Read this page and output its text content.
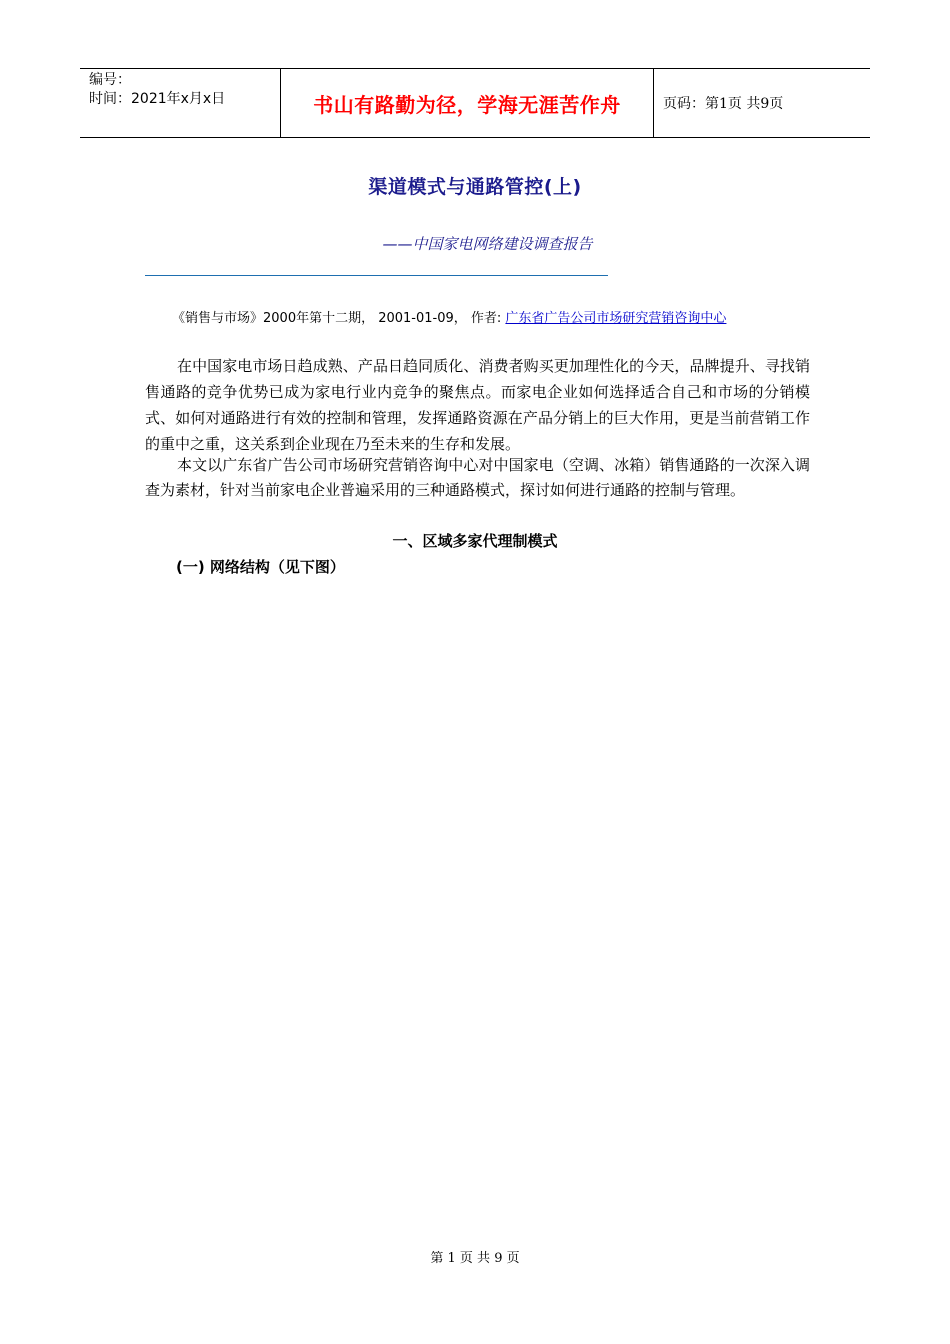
编号：
时间：2021年x月x日	书山有路勤为径，学海无涯苦作舟	页码：第1页 共9页
渠道模式与通路管控(上)
——中国家电网络建设调查报告
《销售与市场》2000年第十二期， 2001-01-09， 作者: 广东省广告公司市场研究营销咨询中心

在中国家电市场日趋成熟、产品日趋同质化、消费者购买更加理性化的今天，品牌提升、寻找销售通路的竞争优势已成为家电行业内竞争的聚焦点。而家电企业如何选择适合自己和市场的分销模式、如何对通路进行有效的控制和管理，发挥通路资源在产品分销上的巨大作用，更是当前营销工作的重中之重，这关系到企业现在乃至未来的生存和发展。

本文以广东省广告公司市场研究营销咨询中心对中国家电（空调、冰箱）销售通路的一次深入调查为素材，针对当前家电企业普遍采用的三种通路模式，探讨如何进行通路的控制与管理。

一、区域多家代理制模式
(一) 网络结构（见下图）
第 1 页 共 9 页
